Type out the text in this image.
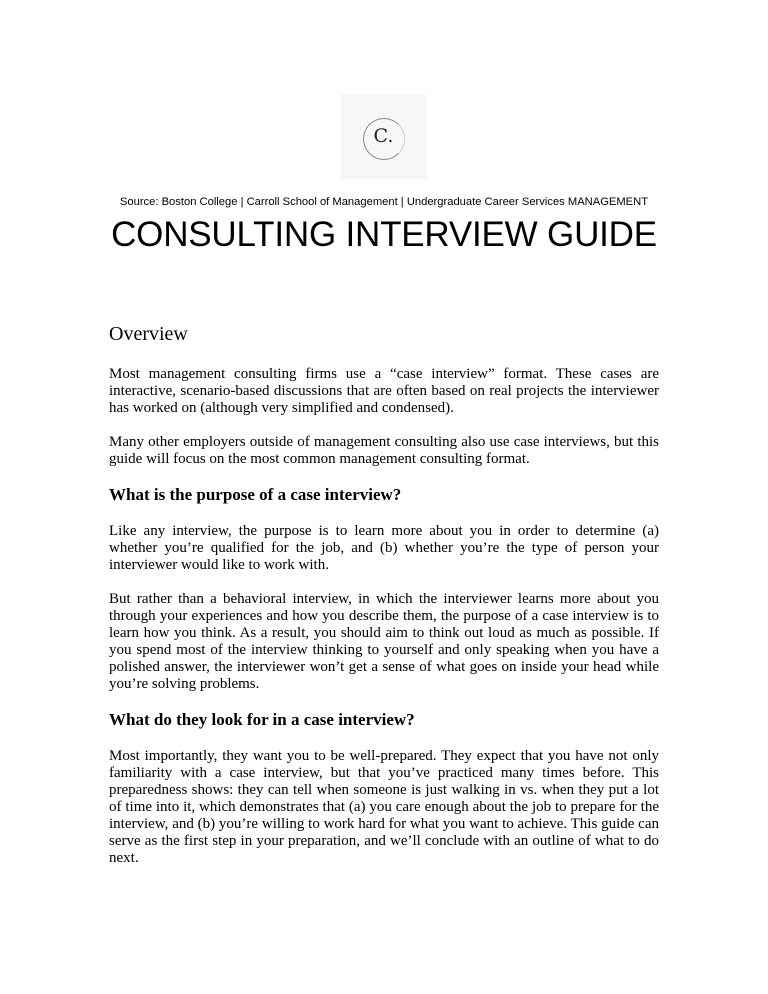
C.
Source: Boston College | Carroll School of Management | Undergraduate Career Services MANAGEMENT
CONSULTING INTERVIEW GUIDE
Overview

Most management consulting firms use a “case interview” format. These cases are interactive, scenario-based discussions that are often based on real projects the interviewer has worked on (although very simplified and condensed).

Many other employers outside of management consulting also use case interviews, but this guide will focus on the most common management consulting format.

What is the purpose of a case interview?

Like any interview, the purpose is to learn more about you in order to determine (a) whether you’re qualified for the job, and (b) whether you’re the type of person your interviewer would like to work with.

But rather than a behavioral interview, in which the interviewer learns more about you through your experiences and how you describe them, the purpose of a case interview is to learn how you think. As a result, you should aim to think out loud as much as possible. If you spend most of the interview thinking to yourself and only speaking when you have a polished answer, the interviewer won’t get a sense of what goes on inside your head while you’re solving problems.

What do they look for in a case interview?

Most importantly, they want you to be well-prepared. They expect that you have not only familiarity with a case interview, but that you’ve practiced many times before. This preparedness shows: they can tell when someone is just walking in vs. when they put a lot of time into it, which demonstrates that (a) you care enough about the job to prepare for the interview, and (b) you’re willing to work hard for what you want to achieve. This guide can serve as the first step in your preparation, and we’ll conclude with an outline of what to do next.
